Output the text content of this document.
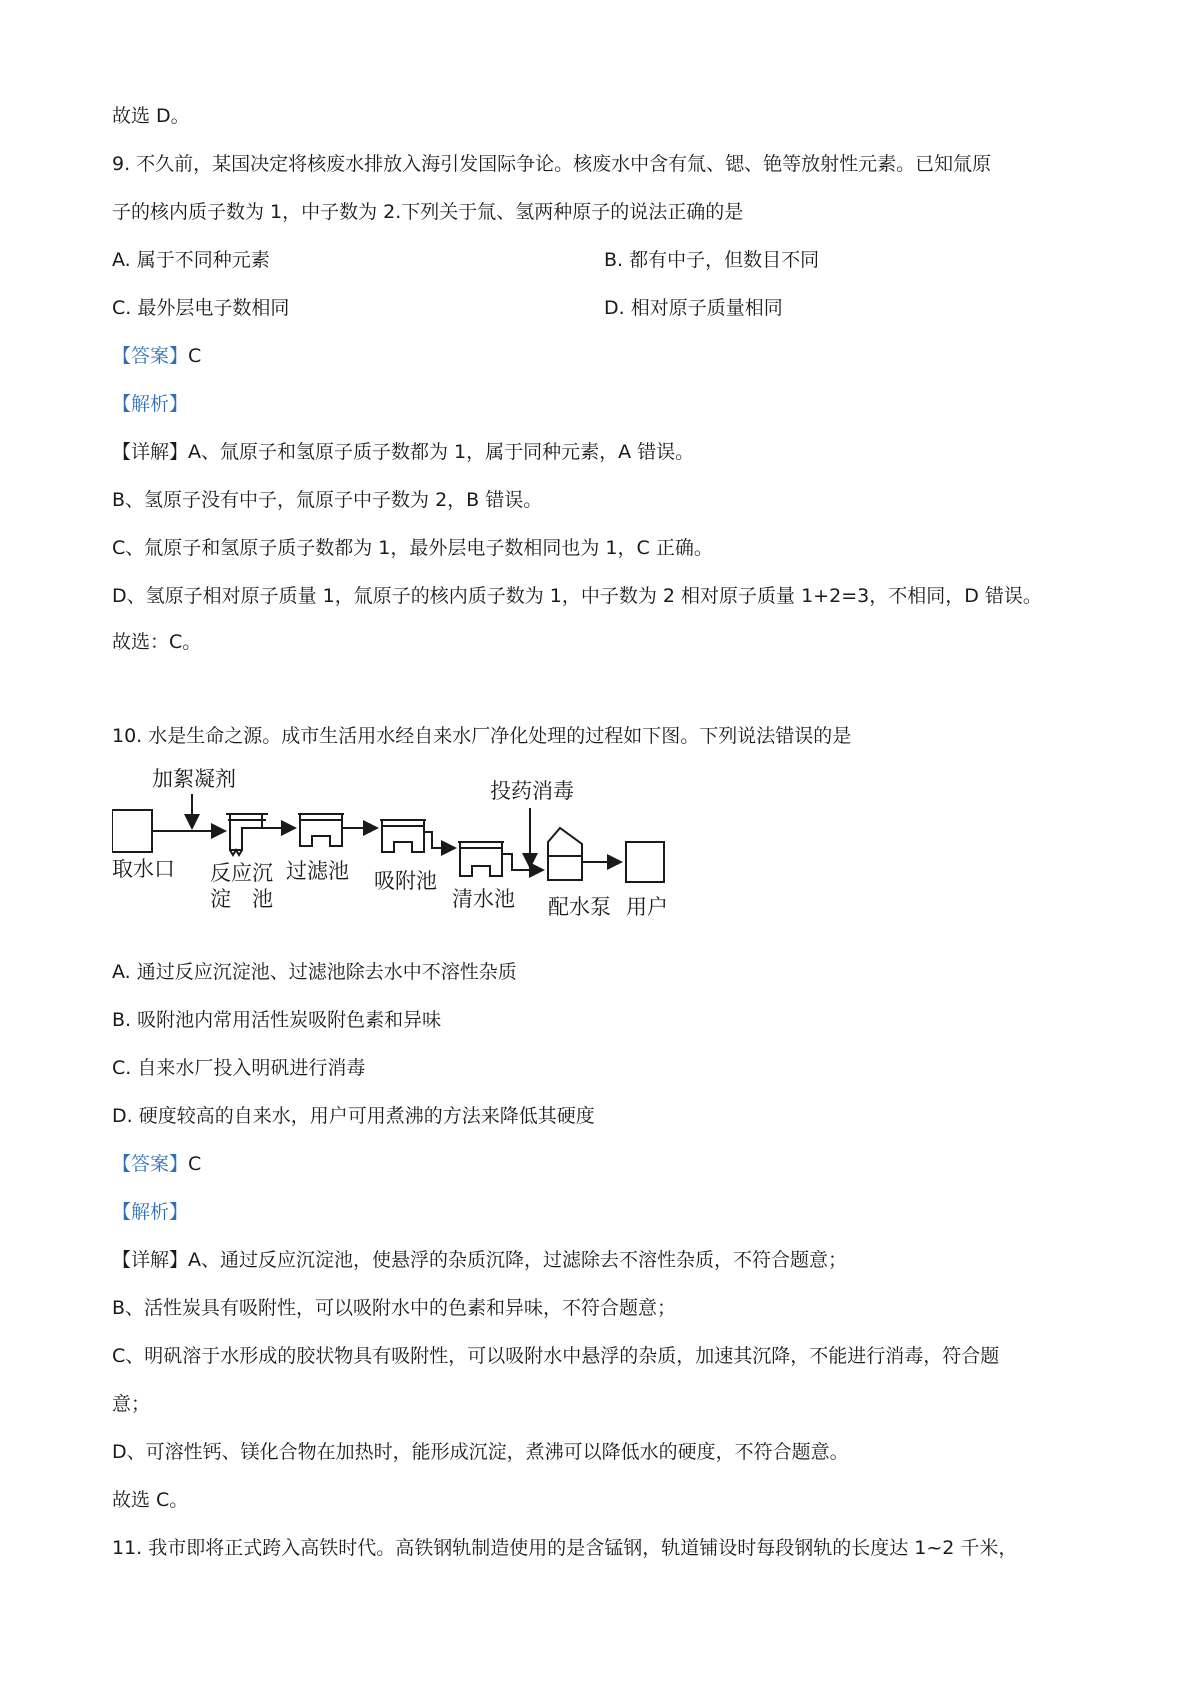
故选 D。
9. 不久前，某国决定将核废水排放入海引发国际争论。核废水中含有氚、锶、铯等放射性元素。已知氚原
子的核内质子数为 1，中子数为 2.下列关于氚、氢两种原子的说法正确的是
A. 属于不同种元素	B. 都有中子，但数目不同
C. 最外层电子数相同	D. 相对原子质量相同
【答案】C
【解析】
【详解】A、氚原子和氢原子质子数都为 1，属于同种元素，A 错误。
B、氢原子没有中子，氚原子中子数为 2，B 错误。
C、氚原子和氢原子质子数都为 1，最外层电子数相同也为 1，C 正确。
D、氢原子相对原子质量 1，氚原子的核内质子数为 1，中子数为 2 相对原子质量 1+2=3，不相同，D 错误。
故选：C。
10. 水是生命之源。成市生活用水经自来水厂净化处理的过程如下图。下列说法错误的是
加絮凝剂
取水口 反应沉
淀　池
过滤池 吸附池
投药消毒
清水池 配水泵 用户
A. 通过反应沉淀池、过滤池除去水中不溶性杂质
B. 吸附池内常用活性炭吸附色素和异味
C. 自来水厂投入明矾进行消毒
D. 硬度较高的自来水，用户可用煮沸的方法来降低其硬度
【答案】C
【解析】
【详解】A、通过反应沉淀池，使悬浮的杂质沉降，过滤除去不溶性杂质，不符合题意；
B、活性炭具有吸附性，可以吸附水中的色素和异味，不符合题意；
C、明矾溶于水形成的胶状物具有吸附性，可以吸附水中悬浮的杂质，加速其沉降，不能进行消毒，符合题
意；
D、可溶性钙、镁化合物在加热时，能形成沉淀，煮沸可以降低水的硬度，不符合题意。
故选 C。
11. 我市即将正式跨入高铁时代。高铁钢轨制造使用的是含锰钢，轨道铺设时每段钢轨的长度达 1~2 千米，
